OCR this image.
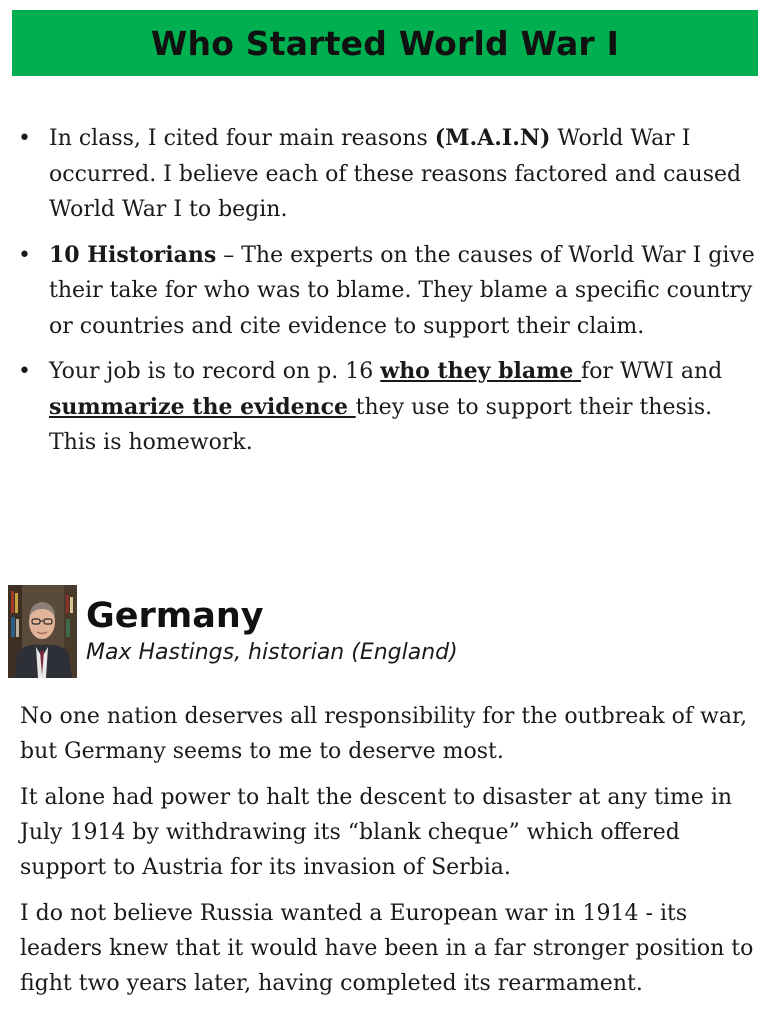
Who Started World War I
• In class, I cited four main reasons (M.A.I.N) World War I occurred. I believe each of these reasons factored and caused World War I to begin.
• 10 Historians – The experts on the causes of World War I give their take for who was to blame. They blame a specific country or countries and cite evidence to support their claim.
• Your job is to record on p. 16 who they blame for WWI and summarize the evidence they use to support their thesis. This is homework.
Germany
Max Hastings, historian (England)

No one nation deserves all responsibility for the outbreak of war, but Germany seems to me to deserve most.

It alone had power to halt the descent to disaster at any time in July 1914 by withdrawing its “blank cheque” which offered support to Austria for its invasion of Serbia.

I do not believe Russia wanted a European war in 1914 - its leaders knew that it would have been in a far stronger position to fight two years later, having completed its rearmament.
